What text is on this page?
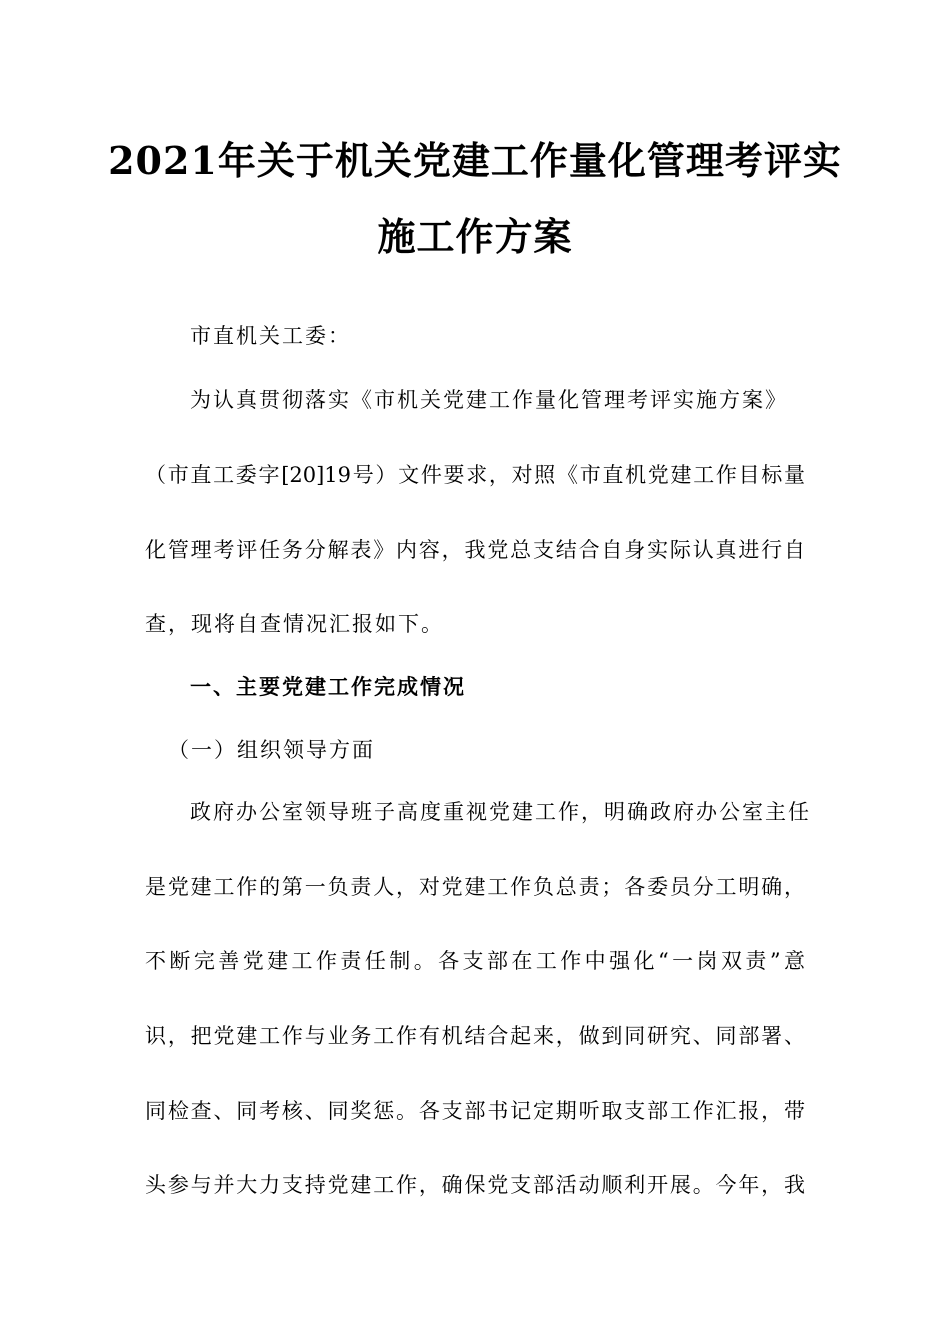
2021年关于机关党建工作量化管理考评实
施工作方案
市直机关工委：
为认真贯彻落实《市机关党建工作量化管理考评实施方案》
（市直工委字[20]19号）文件要求，对照《市直机党建工作目标量
化管理考评任务分解表》内容，我党总支结合自身实际认真进行自
查，现将自查情况汇报如下。
一、主要党建工作完成情况
（一）组织领导方面
政府办公室领导班子高度重视党建工作，明确政府办公室主任
是党建工作的第一负责人，对党建工作负总责；各委员分工明确，
不断完善党建工作责任制。各支部在工作中强化“一岗双责”意
识，把党建工作与业务工作有机结合起来，做到同研究、同部署、
同检查、同考核、同奖惩。各支部书记定期听取支部工作汇报，带
头参与并大力支持党建工作，确保党支部活动顺利开展。今年，我
